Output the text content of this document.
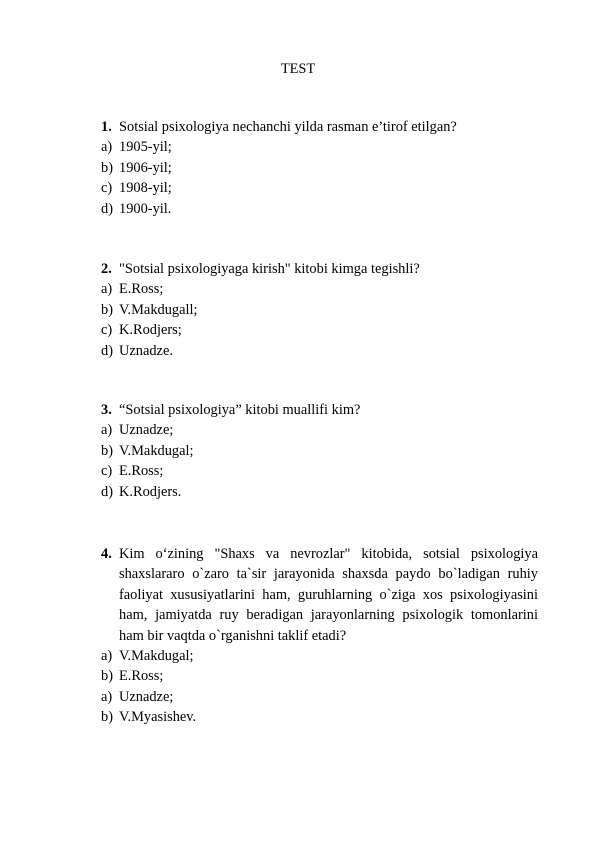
TEST
1. Sotsial psixologiya nechanchi yilda rasman e’tirof etilgan?
a) 1905-yil;
b) 1906-yil;
c) 1908-yil;
d) 1900-yil.
2. "Sotsial psixologiyaga kirish" kitobi kimga tegishli?
a) E.Ross;
b) V.Makdugall;
c) K.Rodjers;
d) Uznadze.
3. “Sotsial psixologiya” kitobi muallifi kim?
a) Uznadze;
b) V.Makdugal;
c) E.Ross;
d) K.Rodjers.
4. Kim o‘zining "Shaxs va nevrozlar" kitobida, sotsial psixologiya shaxslararo o`zaro ta`sir jarayonida shaxsda paydo bo`ladigan ruhiy faoliyat xususiyatlarini ham, guruhlarning o`ziga xos psixologiyasini ham, jamiyatda ruy beradigan jarayonlarning psixologik tomonlarini ham bir vaqtda o`rganishni taklif etadi?
a) V.Makdugal;
b) E.Ross;
a) Uznadze;
b) V.Myasishev.
